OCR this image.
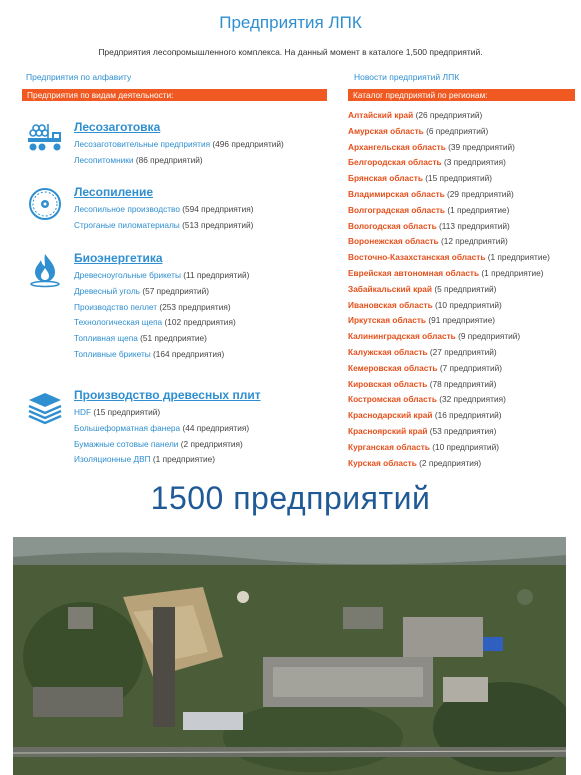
Предприятия ЛПК
Предприятия лесопромышленного комплекса. На данный момент в каталоге 1,500 предприятий.
Предприятия по алфавиту	Новости предприятий ЛПК
Предприятия по видам деятельности:	Каталог предприятий по регионам:
Лесозаготовка
Лесозаготовительные предприятия (496 предприятий)
Лесопитомники (86 предприятий)
Лесопиление
Лесопильное производство (594 предприятия)
Строганые пиломатериалы (513 предприятий)
Биоэнергетика
Древесноугольные брикеты (11 предприятий)
Древесный уголь (57 предприятий)
Производство пеллет (253 предприятия)
Технологическая щепа (102 предприятия)
Топливная щепа (51 предприятие)
Топливные брикеты (164 предприятия)
Производство древесных плит
HDF (15 предприятий)
Большеформатная фанера (44 предприятия)
Бумажные сотовые панели (2 предприятия)
Изоляционные ДВП (1 предприятие)
Алтайский край (26 предприятий)
Амурская область (6 предприятий)
Архангельская область (39 предприятий)
Белгородская область (3 предприятия)
Брянская область (15 предприятий)
Владимирская область (29 предприятий)
Волгоградская область (1 предприятие)
Вологодская область (113 предприятий)
Воронежская область (12 предприятий)
Восточно-Казахстанская область (1 предприятие)
Еврейская автономная область (1 предприятие)
Забайкальский край (5 предприятий)
Ивановская область (10 предприятий)
Иркутская область (91 предприятие)
Калининградская область (9 предприятий)
Калужская область (27 предприятий)
Кемеровская область (7 предприятий)
Кировская область (78 предприятий)
Костромская область (32 предприятия)
Краснодарский край (16 предприятий)
Красноярский край (53 предприятия)
Курганская область (10 предприятий)
Курская область (2 предприятия)
1500 предприятий
